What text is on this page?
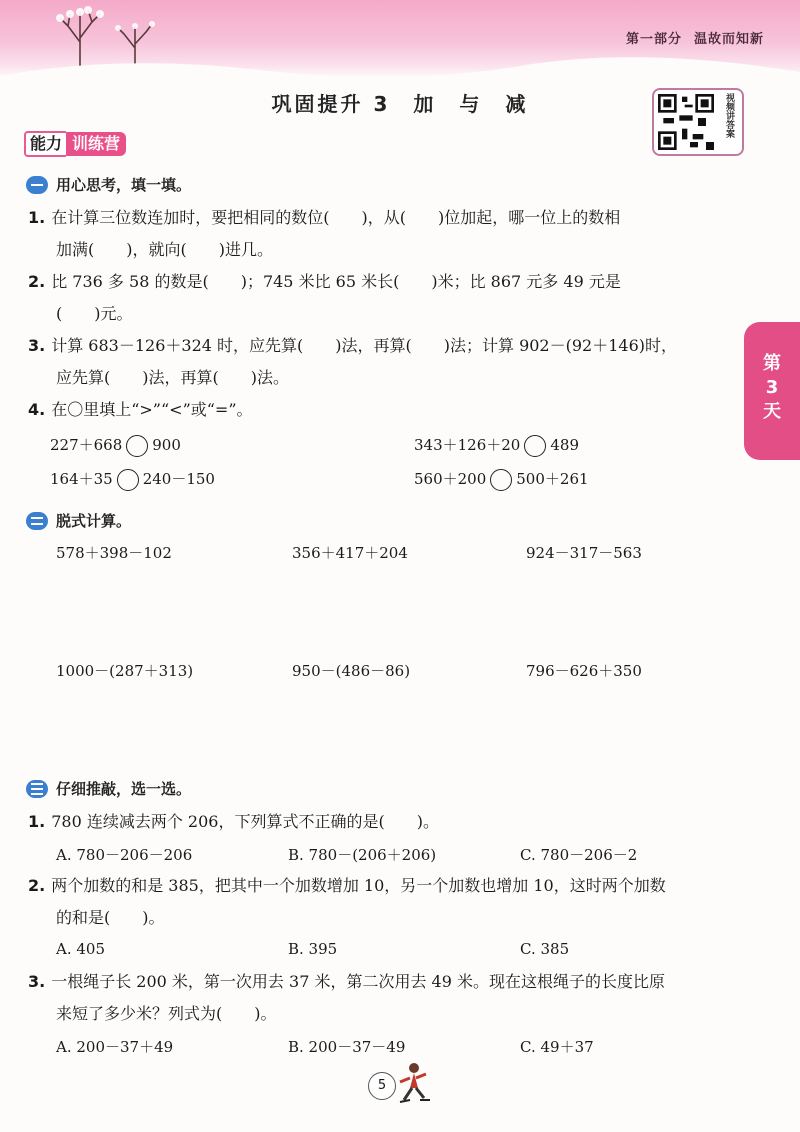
第一部分 温故而知新
巩固提升 3　加　与　减	视频讲答案
能力 训练营
第3天
用心思考，填一填。
1. 在计算三位数连加时，要把相同的数位(　　)，从(　　)位加起，哪一位上的数相
加满(　　)，就向(　　)进几。
2. 比 736 多 58 的数是(　　)；745 米比 65 米长(　　)米；比 867 元多 49 元是
(　　)元。
3. 计算 683－126＋324 时，应先算(　　)法，再算(　　)法；计算 902－(92＋146)时，
应先算(　　)法，再算(　　)法。
4. 在〇里填上“>”“<”或“=”。
227＋668 900	343＋126＋20 489
164＋35 240－150	560＋200 500＋261
脱式计算。
578＋398－102	356＋417＋204	924－317－563
1000－(287＋313)	950－(486－86)	796－626＋350
仔细推敲，选一选。
1. 780 连续减去两个 206，下列算式不正确的是(　　)。
A. 780－206－206	B. 780－(206＋206)	C. 780－206－2
2. 两个加数的和是 385，把其中一个加数增加 10，另一个加数也增加 10，这时两个加数
的和是(　　)。
A. 405	B. 395	C. 385
3. 一根绳子长 200 米，第一次用去 37 米，第二次用去 49 米。现在这根绳子的长度比原
来短了多少米？列式为(　　)。
A. 200－37＋49	B. 200－37－49	C. 49＋37
5
